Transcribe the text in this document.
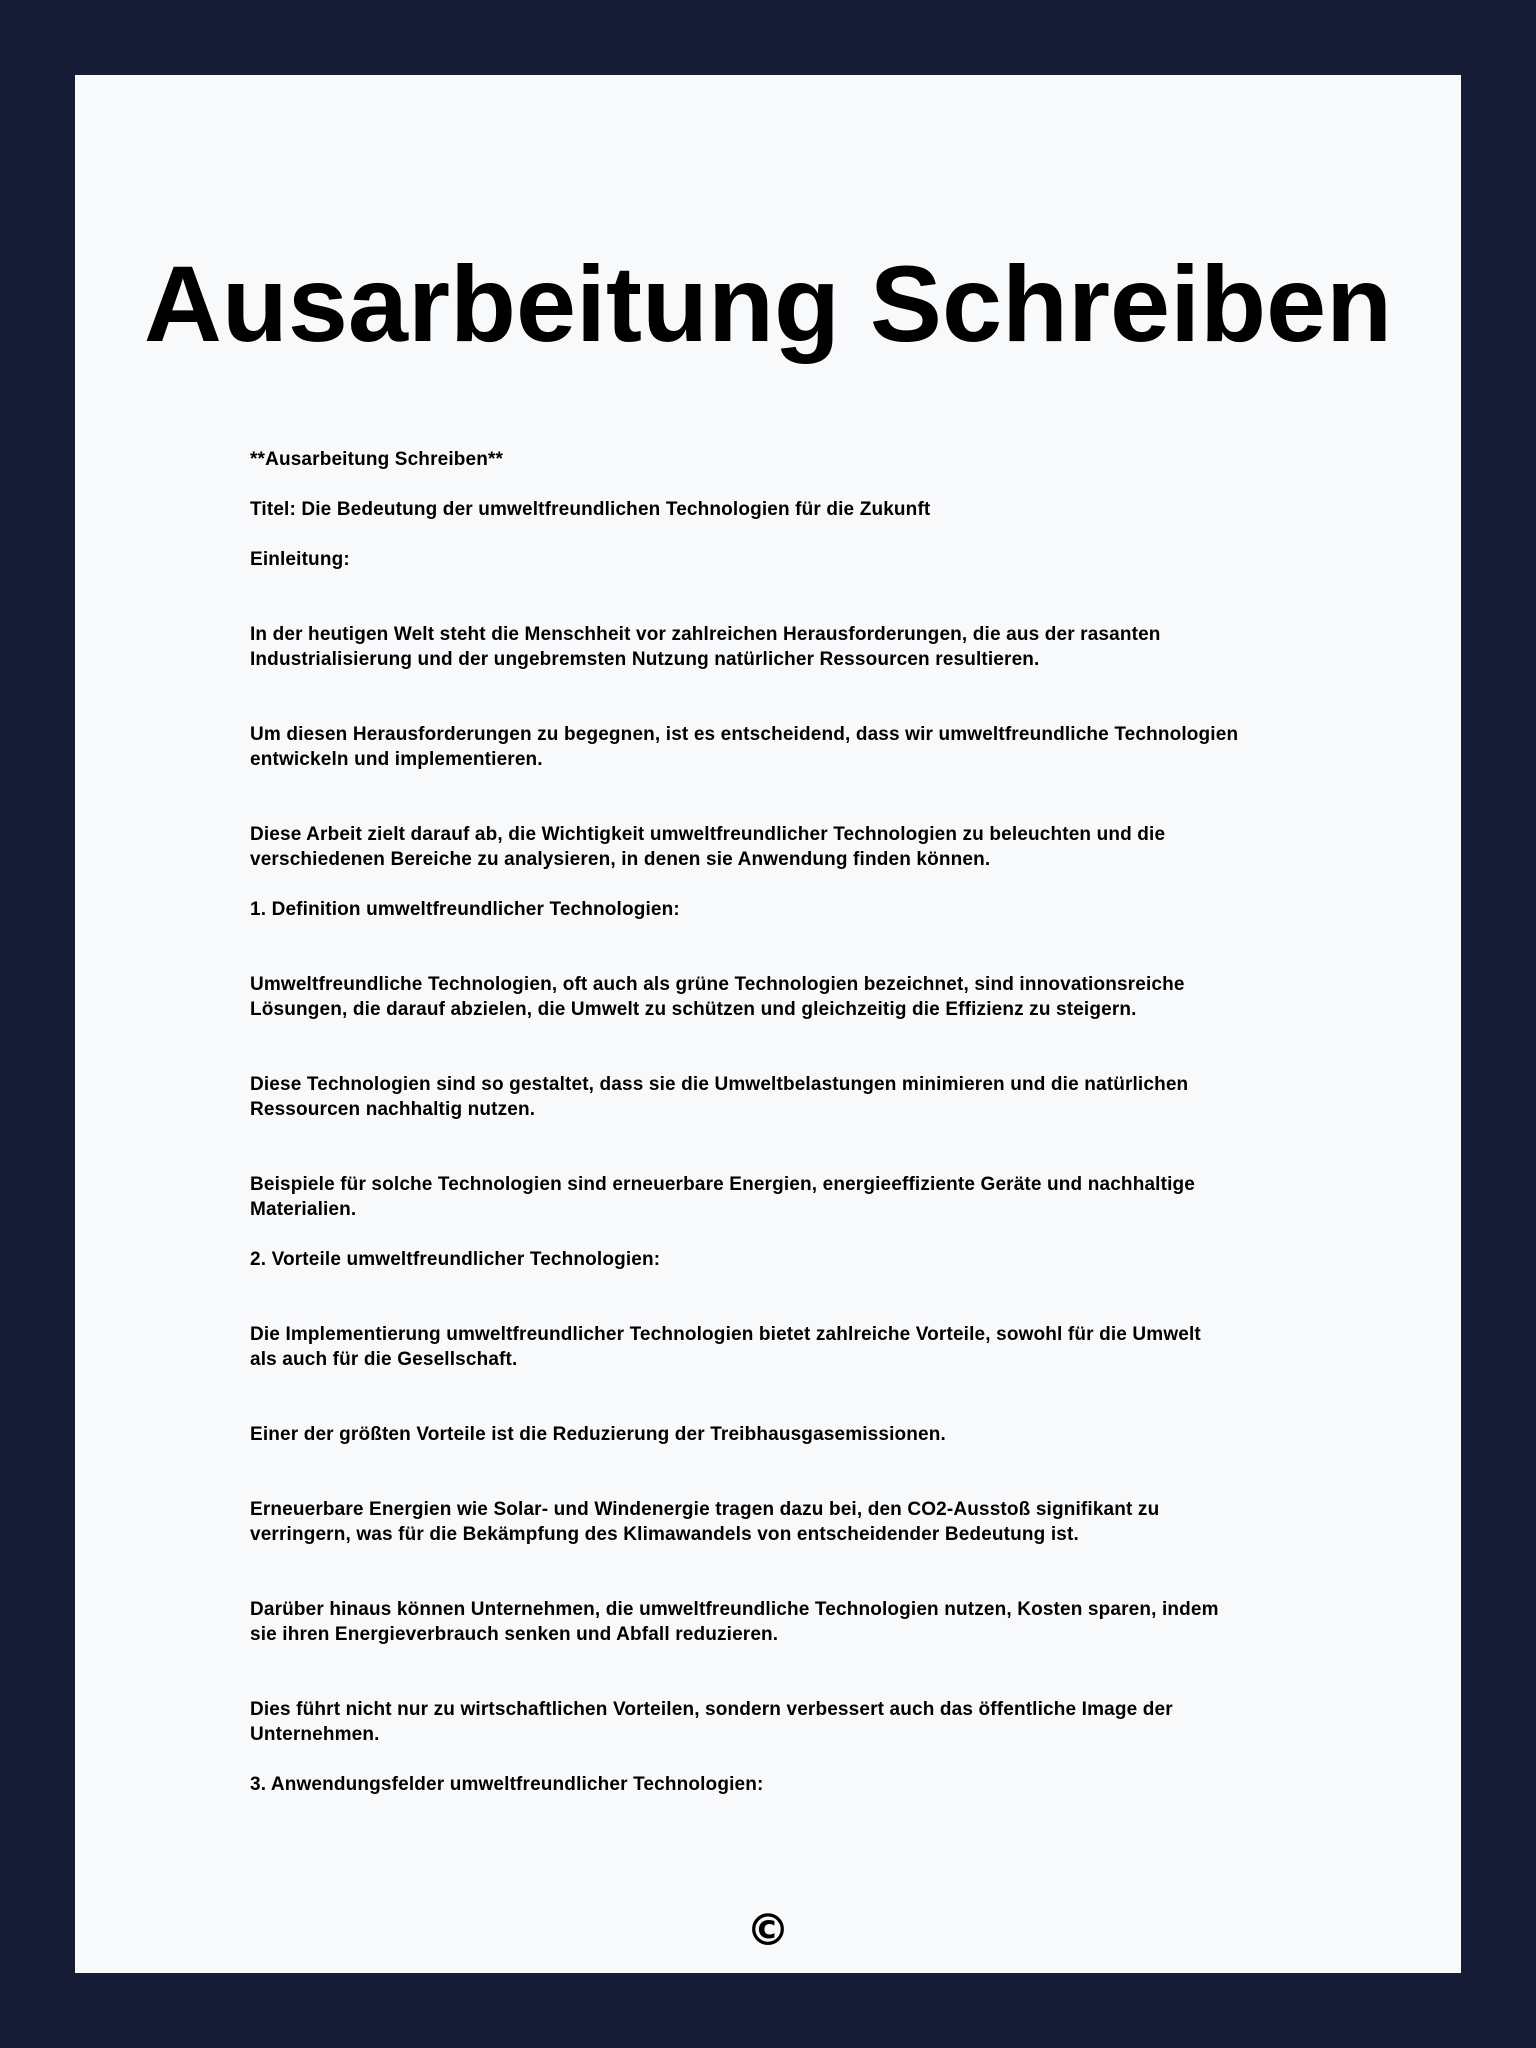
Ausarbeitung Schreiben
**Ausarbeitung Schreiben**
Titel: Die Bedeutung der umweltfreundlichen Technologien für die Zukunft
Einleitung:
In der heutigen Welt steht die Menschheit vor zahlreichen Herausforderungen, die aus der rasanten
Industrialisierung und der ungebremsten Nutzung natürlicher Ressourcen resultieren.
Um diesen Herausforderungen zu begegnen, ist es entscheidend, dass wir umweltfreundliche Technologien
entwickeln und implementieren.
Diese Arbeit zielt darauf ab, die Wichtigkeit umweltfreundlicher Technologien zu beleuchten und die
verschiedenen Bereiche zu analysieren, in denen sie Anwendung finden können.
1. Definition umweltfreundlicher Technologien:
Umweltfreundliche Technologien, oft auch als grüne Technologien bezeichnet, sind innovationsreiche
Lösungen, die darauf abzielen, die Umwelt zu schützen und gleichzeitig die Effizienz zu steigern.
Diese Technologien sind so gestaltet, dass sie die Umweltbelastungen minimieren und die natürlichen
Ressourcen nachhaltig nutzen.
Beispiele für solche Technologien sind erneuerbare Energien, energieeffiziente Geräte und nachhaltige
Materialien.
2. Vorteile umweltfreundlicher Technologien:
Die Implementierung umweltfreundlicher Technologien bietet zahlreiche Vorteile, sowohl für die Umwelt
als auch für die Gesellschaft.
Einer der größten Vorteile ist die Reduzierung der Treibhausgasemissionen.
Erneuerbare Energien wie Solar- und Windenergie tragen dazu bei, den CO2-Ausstoß signifikant zu
verringern, was für die Bekämpfung des Klimawandels von entscheidender Bedeutung ist.
Darüber hinaus können Unternehmen, die umweltfreundliche Technologien nutzen, Kosten sparen, indem
sie ihren Energieverbrauch senken und Abfall reduzieren.
Dies führt nicht nur zu wirtschaftlichen Vorteilen, sondern verbessert auch das öffentliche Image der
Unternehmen.
3. Anwendungsfelder umweltfreundlicher Technologien:
©
